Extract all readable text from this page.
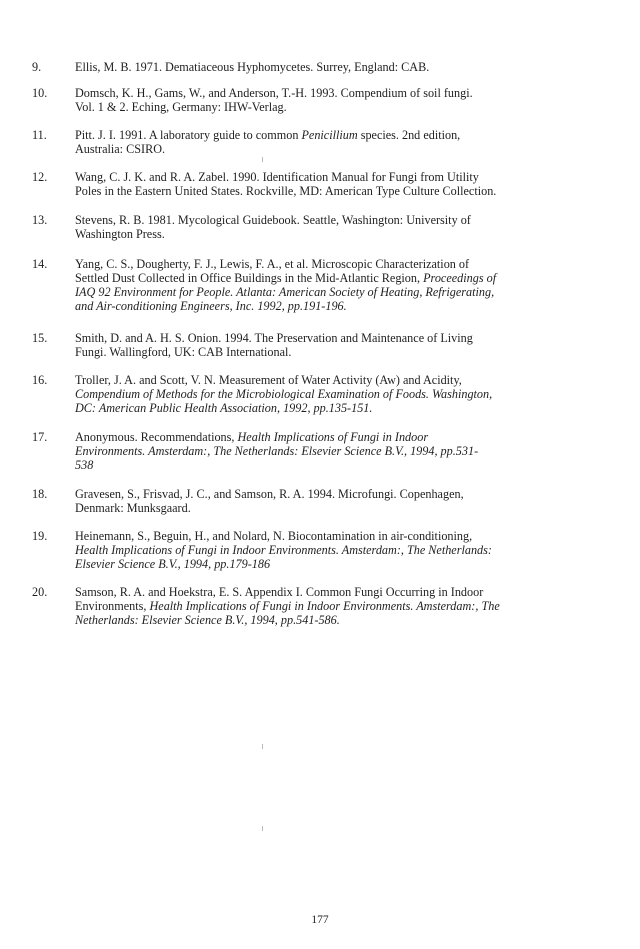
9.	Ellis, M. B. 1971. Dematiaceous Hyphomycetes. Surrey, England: CAB.
10.	Domsch, K. H., Gams, W., and Anderson, T.-H. 1993. Compendium of soil fungi.
Vol. 1 & 2. Eching, Germany: IHW-Verlag.
11.	Pitt. J. I. 1991. A laboratory guide to common Penicillium species. 2nd edition,
Australia: CSIRO.
12.	Wang, C. J. K. and R. A. Zabel. 1990. Identification Manual for Fungi from Utility
Poles in the Eastern United States. Rockville, MD: American Type Culture Collection.
13.	Stevens, R. B. 1981. Mycological Guidebook. Seattle, Washington: University of
Washington Press.
14.	Yang, C. S., Dougherty, F. J., Lewis, F. A., et al. Microscopic Characterization of
Settled Dust Collected in Office Buildings in the Mid-Atlantic Region, Proceedings of
IAQ 92 Environment for People. Atlanta: American Society of Heating, Refrigerating,
and Air-conditioning Engineers, Inc. 1992, pp.191-196.
15.	Smith, D. and A. H. S. Onion. 1994. The Preservation and Maintenance of Living
Fungi. Wallingford, UK: CAB International.
16.	Troller, J. A. and Scott, V. N. Measurement of Water Activity (Aw) and Acidity,
Compendium of Methods for the Microbiological Examination of Foods. Washington,
DC: American Public Health Association, 1992, pp.135-151.
17.	Anonymous. Recommendations, Health Implications of Fungi in Indoor
Environments. Amsterdam:, The Netherlands: Elsevier Science B.V., 1994, pp.531-
538
18.	Gravesen, S., Frisvad, J. C., and Samson, R. A. 1994. Microfungi. Copenhagen,
Denmark: Munksgaard.
19.	Heinemann, S., Beguin, H., and Nolard, N. Biocontamination in air-conditioning,
Health Implications of Fungi in Indoor Environments. Amsterdam:, The Netherlands:
Elsevier Science B.V., 1994, pp.179-186
20.	Samson, R. A. and Hoekstra, E. S. Appendix I. Common Fungi Occurring in Indoor
Environments, Health Implications of Fungi in Indoor Environments. Amsterdam:, The
Netherlands: Elsevier Science B.V., 1994, pp.541-586.
177
